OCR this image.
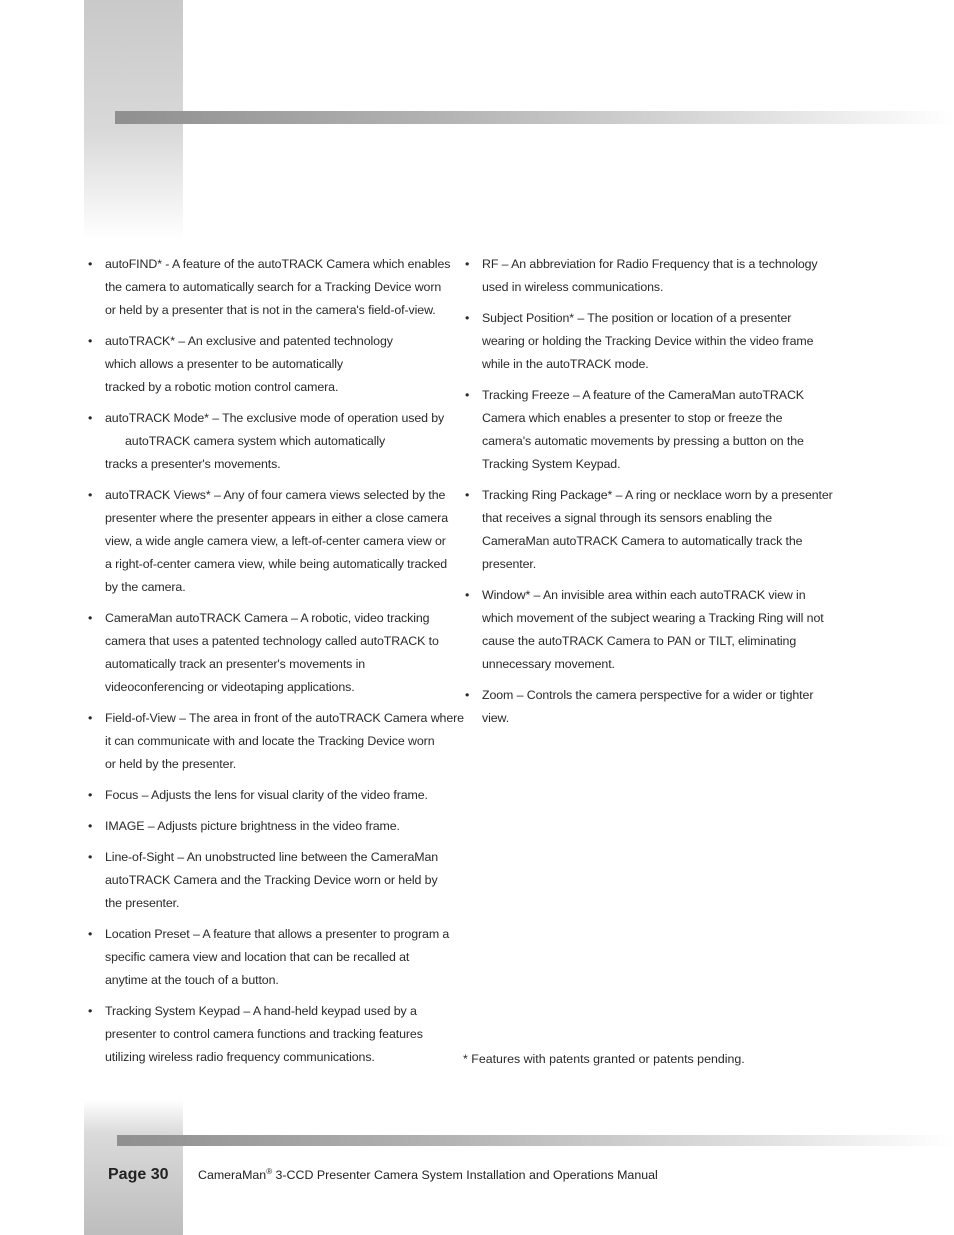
• autoFIND* - A feature of the autoTRACK Camera which enables
the camera to automatically search for a Tracking Device worn
or held by a presenter that is not in the camera's field-of-view.
• autoTRACK* – An exclusive and patented technology
which allows a presenter to be automatically
tracked by a robotic motion control camera.
• autoTRACK Mode* – The exclusive mode of operation used by
autoTRACK camera system which automatically
tracks a presenter's movements.
• autoTRACK Views* – Any of four camera views selected by the
presenter where the presenter appears in either a close camera
view, a wide angle camera view, a left-of-center camera view or
a right-of-center camera view, while being automatically tracked
by the camera.
• CameraMan autoTRACK Camera – A robotic, video tracking
camera that uses a patented technology called autoTRACK to
automatically track an presenter's movements in
videoconferencing or videotaping applications.
• Field-of-View – The area in front of the autoTRACK Camera where
it can communicate with and locate the Tracking Device worn
or held by the presenter.
• Focus – Adjusts the lens for visual clarity of the video frame.
• IMAGE – Adjusts picture brightness in the video frame.
• Line-of-Sight – An unobstructed line between the CameraMan
autoTRACK Camera and the Tracking Device worn or held by
the presenter.
• Location Preset – A feature that allows a presenter to program a
specific camera view and location that can be recalled at
anytime at the touch of a button.
• Tracking System Keypad – A hand-held keypad used by a
presenter to control camera functions and tracking features
utilizing wireless radio frequency communications.
• RF – An abbreviation for Radio Frequency that is a technology
used in wireless communications.
• Subject Position* – The position or location of a presenter
wearing or holding the Tracking Device within the video frame
while in the autoTRACK mode.
• Tracking Freeze – A feature of the CameraMan autoTRACK
Camera which enables a presenter to stop or freeze the
camera's automatic movements by pressing a button on the
Tracking System Keypad.
• Tracking Ring Package* – A ring or necklace worn by a presenter
that receives a signal through its sensors enabling the
CameraMan autoTRACK Camera to automatically track the
presenter.
• Window* – An invisible area within each autoTRACK view in
which movement of the subject wearing a Tracking Ring will not
cause the autoTRACK Camera to PAN or TILT, eliminating
unnecessary movement.
• Zoom – Controls the camera perspective for a wider or tighter
view.
* Features with patents granted or patents pending.
Page 30 CameraMan® 3-CCD Presenter Camera System Installation and Operations Manual
